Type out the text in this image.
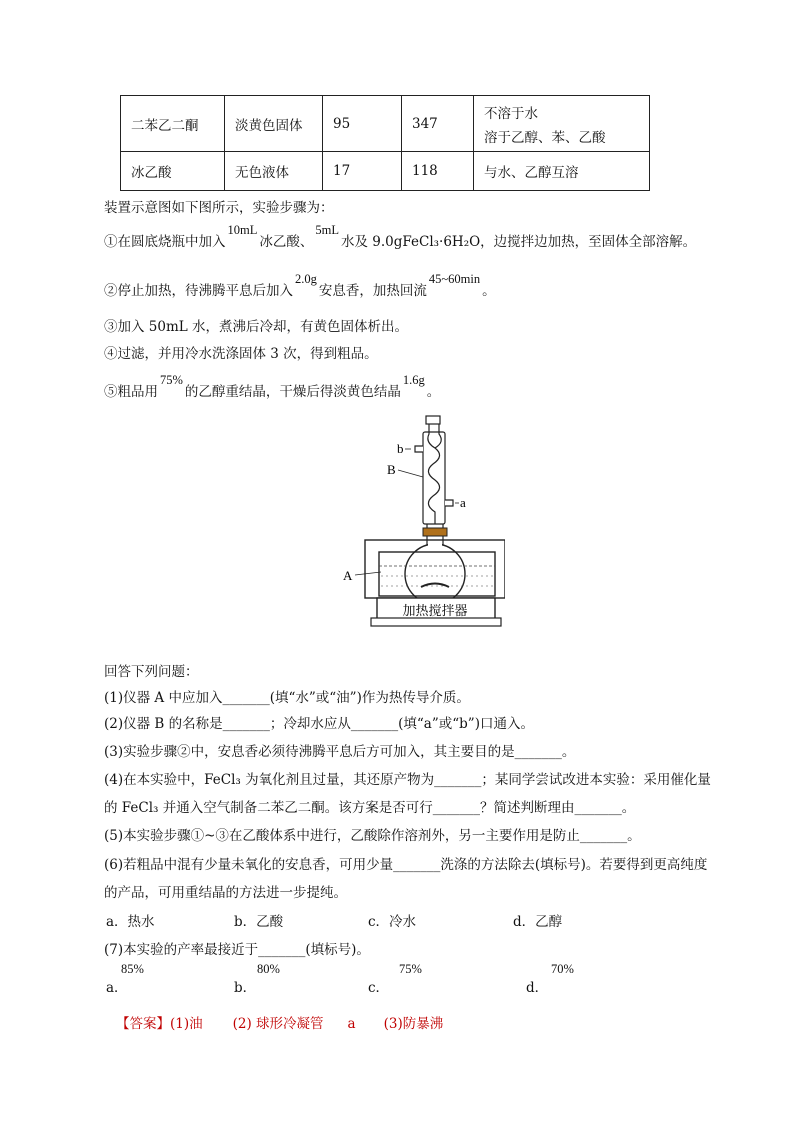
二苯乙二酮	淡黄色固体	95	347	不溶于水
溶于乙醇、苯、乙酸

冰乙酸	无色液体	17	118	与水、乙醇互溶
装置示意图如下图所示，实验步骤为：
①在圆底烧瓶中加入10mL冰乙酸、5mL水及 9.0gFeCl₃·6H₂O，边搅拌边加热，至固体全部溶解。
②停止加热，待沸腾平息后加入2.0g安息香，加热回流45~60min。
③加入 50mL 水，煮沸后冷却，有黄色固体析出。
④过滤，并用冷水洗涤固体 3 次，得到粗品。
⑤粗品用75%的乙醇重结晶，干燥后得淡黄色结晶1.6g。
b
B
a
A
加热搅拌器
回答下列问题：
(1)仪器 A 中应加入_______(填“水”或“油”)作为热传导介质。
(2)仪器 B 的名称是_______；冷却水应从_______(填“a”或“b”)口通入。
(3)实验步骤②中，安息香必须待沸腾平息后方可加入，其主要目的是_______。
(4)在本实验中，FeCl₃ 为氧化剂且过量，其还原产物为_______；某同学尝试改进本实验：采用催化量
的 FeCl₃ 并通入空气制备二苯乙二酮。该方案是否可行_______？简述判断理由_______。
(5)本实验步骤①~③在乙酸体系中进行，乙酸除作溶剂外，另一主要作用是防止_______。
(6)若粗品中混有少量未氧化的安息香，可用少量_______洗涤的方法除去(填标号)。若要得到更高纯度
的产品，可用重结晶的方法进一步提纯。
a．热水	b．乙酸	c．冷水	d．乙醇
(7)本实验的产率最接近于_______(填标号)。
a．
85%
b．
80%
c．
75%
d．
70%
【答案】(1)油 (2) 球形冷凝管 a (3)防暴沸
